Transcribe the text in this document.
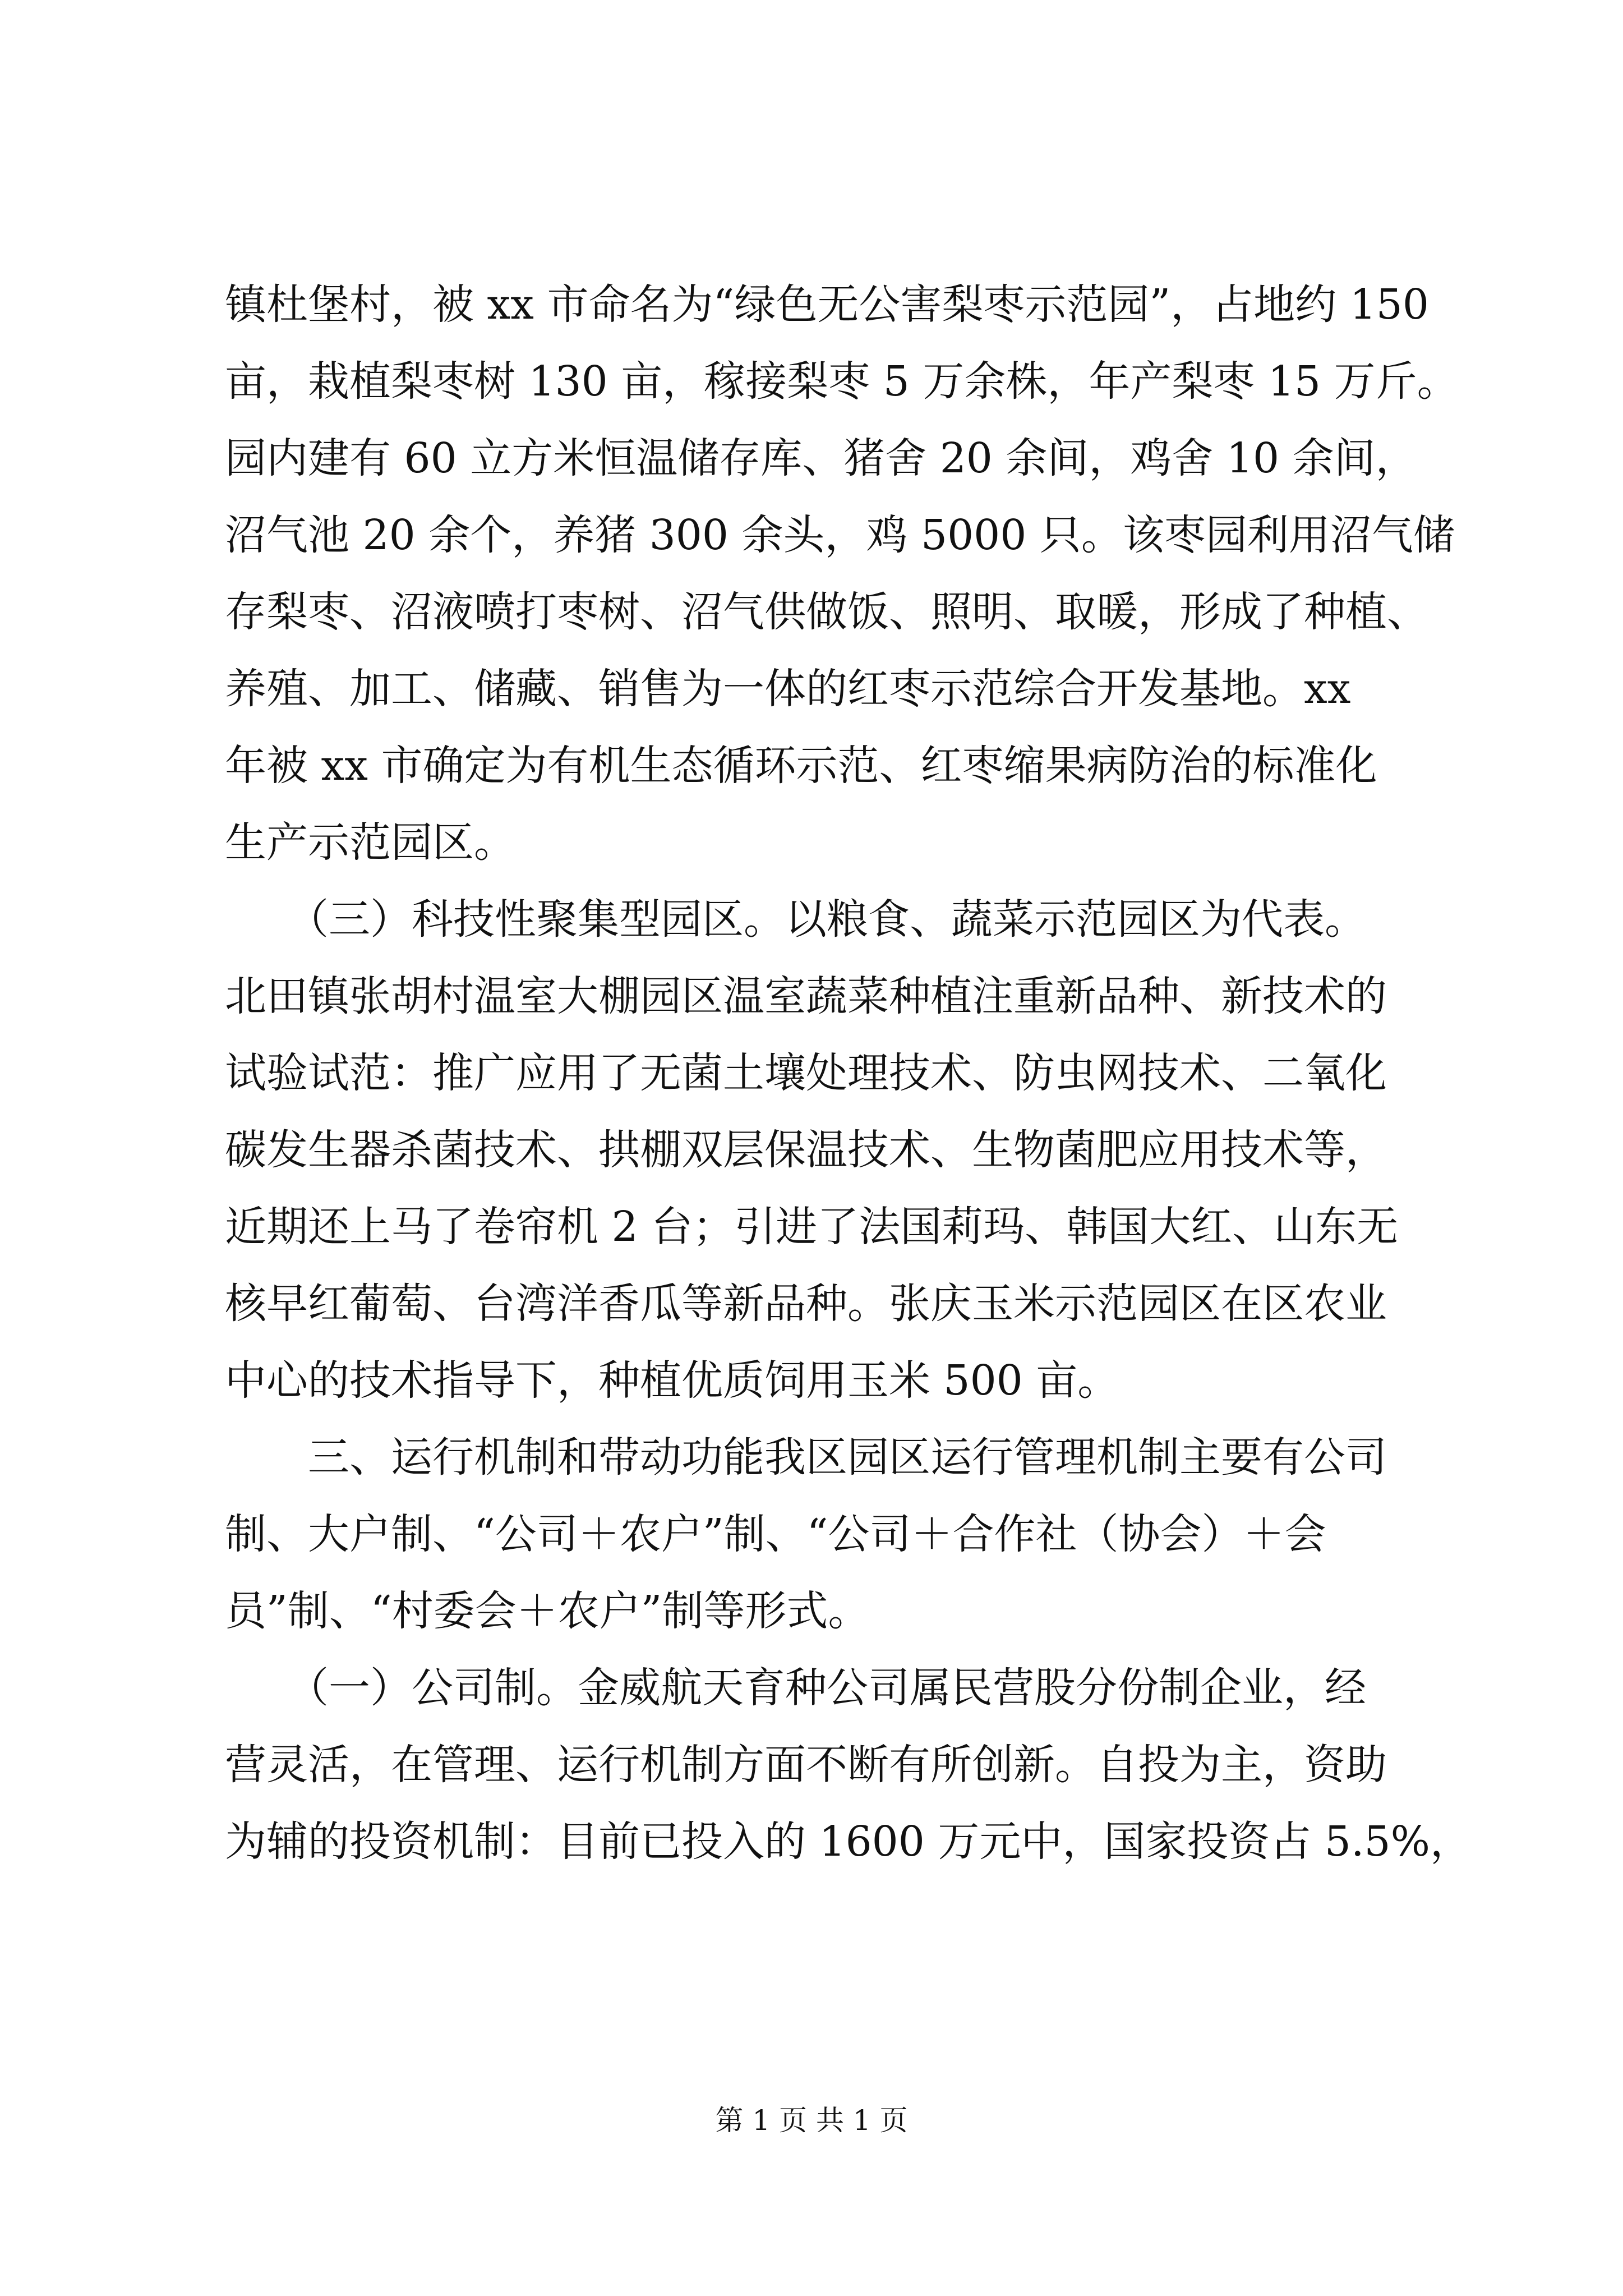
镇杜堡村，被 xx 市命名为“绿色无公害梨枣示范园”，占地约 150
亩，栽植梨枣树 130 亩，稼接梨枣 5 万余株，年产梨枣 15 万斤。
园内建有 60 立方米恒温储存库、猪舍 20 余间，鸡舍 10 余间，
沼气池 20 余个，养猪 300 余头，鸡 5000 只。该枣园利用沼气储
存梨枣、沼液喷打枣树、沼气供做饭、照明、取暖，形成了种植、
养殖、加工、储藏、销售为一体的红枣示范综合开发基地。xx
年被 xx 市确定为有机生态循环示范、红枣缩果病防治的标准化
生产示范园区。
　　（三）科技性聚集型园区。以粮食、蔬菜示范园区为代表。
北田镇张胡村温室大棚园区温室蔬菜种植注重新品种、新技术的
试验试范：推广应用了无菌土壤处理技术、防虫网技术、二氧化
碳发生器杀菌技术、拱棚双层保温技术、生物菌肥应用技术等，
近期还上马了卷帘机 2 台；引进了法国莉玛、韩国大红、山东无
核早红葡萄、台湾洋香瓜等新品种。张庆玉米示范园区在区农业
中心的技术指导下，种植优质饲用玉米 500 亩。
　　三、运行机制和带动功能我区园区运行管理机制主要有公司
制、大户制、“公司＋农户”制、“公司＋合作社（协会）＋会
员”制、“村委会＋农户”制等形式。
　　（一）公司制。金威航天育种公司属民营股分份制企业，经
营灵活，在管理、运行机制方面不断有所创新。自投为主，资助
为辅的投资机制：目前已投入的 1600 万元中，国家投资占 5.5%，
第 1 页 共 1 页
